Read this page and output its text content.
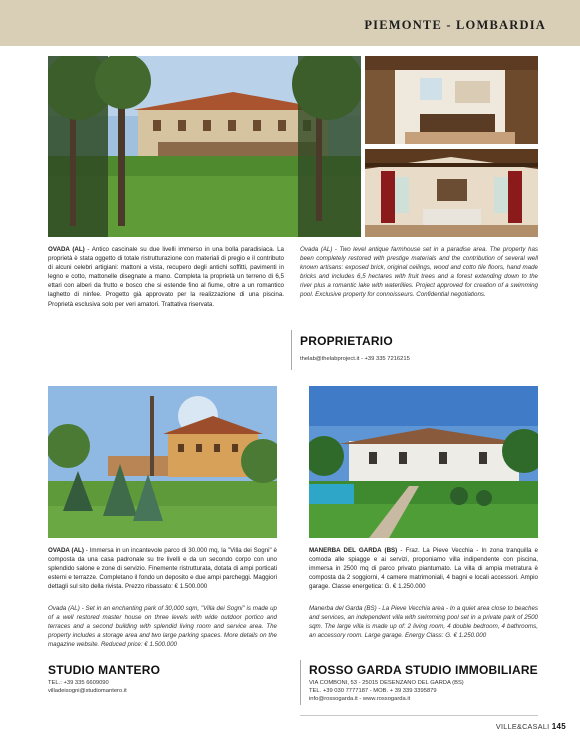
PIEMONTE - LOMBARDIA
OVADA (AL) - Antico cascinale su due livelli immerso in una bolla paradisiaca. La proprietà è stata oggetto di totale ristrutturazione con materiali di pregio e il contributo di alcuni celebri artigiani: mattoni a vista, recupero degli antichi soffitti, pavimenti in legno e cotto, mattonelle disegnate a mano. Completa la proprietà un terreno di 6,5 ettari con alberi da frutto e bosco che si estende fino al fiume, oltre a un romantico laghetto di ninfee. Progetto già approvato per la realizzazione di una piscina. Proprietà esclusiva solo per veri amatori. Trattativa riservata.
Ovada (AL) - Two level antique farmhouse set in a paradise area. The property has been completely restored with prestige materials and the contribution of several well known artisans: exposed brick, original ceilings, wood and cotto tile floors, hand made bricks and includes 6,5 hectares with fruit trees and a forest extending down to the river plus a romantic lake with waterlilies. Project approved for creation of a swimming pool. Exclusive property for connoisseurs. Confidential negotiations.
PROPRIETARIO
thelab@thelabproject.it - +39 335 7216215
OVADA (AL) - Immersa in un incantevole parco di 30.000 mq, la "Villa dei Sogni" è composta da una casa padronale su tre livelli e da un secondo corpo con uno splendido salone e zone di servizio. Finemente ristrutturata, dotata di ampi porticati esterni e terrazze. Completano il fondo un deposito e due ampi parcheggi. Maggiori dettagli sul sito della rivista. Prezzo ribassato: € 1.500.000
Ovada (AL) - Set in an enchanting park of 30,000 sqm, "Villa dei Sogni" is made up of a well restored master house on three levels with wide outdoor portico and terraces and a second building with splendid living room and service area. The property includes a storage area and two large parking spaces. More details on the magazine website. Reduced price: € 1.500.000
STUDIO MANTERO
TEL.: +39 335 6609090
villadeisogni@studiomantero.it
MANERBA DEL GARDA (BS) - Fraz. La Pieve Vecchia - In zona tranquilla e comoda alle spiagge e ai servizi, proponiamo villa indipendente con piscina, immersa in 2500 mq di parco privato piantumato. La villa di ampia metratura è composta da 2 soggiorni, 4 camere matrimoniali, 4 bagni e locali accessori. Ampio garage. Classe energetica: G. € 1.250.000
Manerba del Garda (BS) - La Pieve Vecchia area - In a quiet area close to beaches and services, an independent villa with swimming pool set in a private park of 2500 sqm. The large villa is made up of: 2 living room, 4 double bedroom, 4 bathrooms, an accessory room. Large garage. Energy Class: G. € 1.250.000
ROSSO GARDA STUDIO IMMOBILIARE
VIA COMBONI, 53 - 25015 DESENZANO DEL GARDA (BS)
TEL. +39 030 7777187 - MOB. + 39 339 3395879
info@rossogarda.it - www.rossogarda.it
VILLE&CASALI 145
